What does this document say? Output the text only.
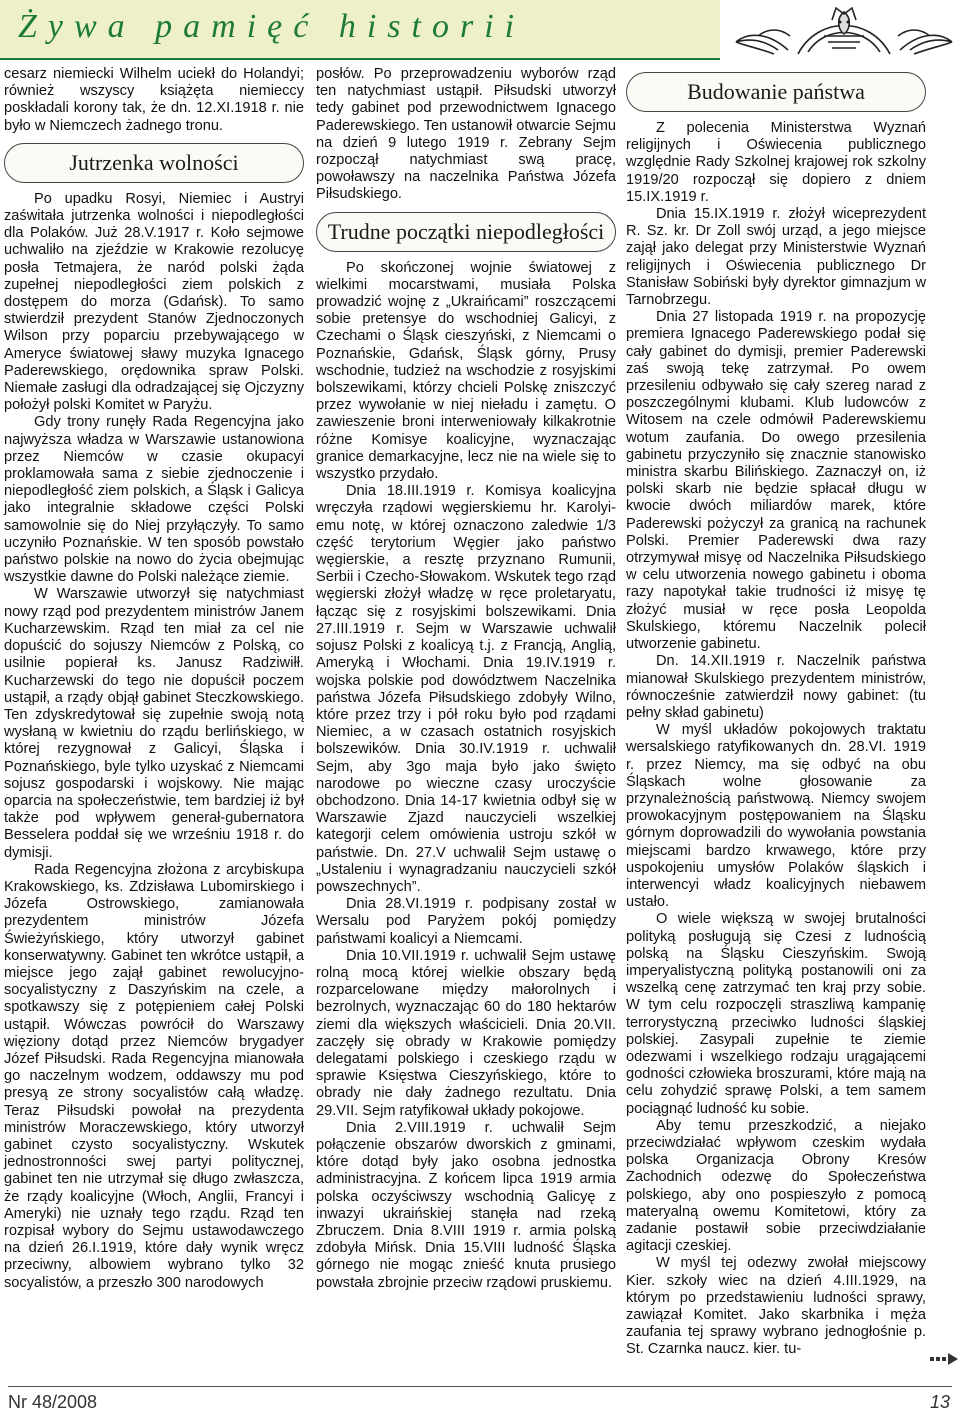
Żywa pamięć historii

cesarz niemiecki Wilhelm uciekł do Holandyi; również wszyscy książęta niemieccy poskładali korony tak, że dn. 12.XI.1918 r. nie było w Niemczech żadnego tronu.

Jutrzenka wolności

Po upadku Rosyi, Niemiec i Austryi zaświtała jutrzenka wolności i niepodległości dla Polaków. Już 28.V.1917 r. Koło sejmowe uchwaliło na zjeździe w Krakowie rezolucyę posła Tetmajera, że naród polski żąda zupełnej niepodległości ziem polskich z dostępem do morza (Gdańsk). To samo stwierdził prezydent Stanów Zjednoczonych Wilson przy poparciu przebywającego w Ameryce światowej sławy muzyka Ignacego Paderewskiego, orędownika spraw Polski. Niemałe zasługi dla odradzającej się Ojczyzny położył polski Komitet w Paryżu.

Gdy trony runęły Rada Regencyjna jako najwyższa władza w Warszawie ustanowiona przez Niemców w czasie okupacyi proklamowała sama z siebie zjednoczenie i niepodległość ziem polskich, a Śląsk i Galicya jako integralnie składowe części Polski samowolnie się do Niej przyłączyły. To samo uczyniło Poznańskie. W ten sposób powstało państwo polskie na nowo do życia obejmując wszystkie dawne do Polski należące ziemie.

W Warszawie utworzył się natychmiast nowy rząd pod prezydentem ministrów Janem Kucharzewskim. Rząd ten miał za cel nie dopuścić do sojuszy Niemców z Polską, co usilnie popierał ks. Janusz Radziwiłł. Kucharzewski do tego nie dopuścił poczem ustąpił, a rządy objął gabinet Steczkowskiego. Ten zdyskredytował się zupełnie swoją notą wysłaną w kwietniu do rządu berlińskiego, w której rezygnował z Galicyi, Śląska i Poznańskiego, byle tylko uzyskać z Niemcami sojusz gospodarski i wojskowy. Nie mając oparcia na społeczeństwie, tem bardziej iż był także pod wpływem generał-gubernatora Besselera poddał się we wrześniu 1918 r. do dymisji.

Rada Regencyjna złożona z arcybiskupa Krakowskiego, ks. Zdzisława Lubomirskiego i Józefa Ostrowskiego, zamianowała prezydentem ministrów Józefa Świeżyńskiego, który utworzył gabinet konserwatywny. Gabinet ten wkrótce ustąpił, a miejsce jego zajął gabinet rewolucyjno-socyalistyczny z Daszyńskim na czele, a spotkawszy się z potępieniem całej Polski ustąpił. Wówczas powrócił do Warszawy więziony dotąd przez Niemców brygadyer Józef Piłsudski. Rada Regencyjna mianowała go naczelnym wodzem, oddawszy mu pod presyą ze strony socyalistów całą władzę. Teraz Piłsudski powołał na prezydenta ministrów Moraczewskiego, który utworzył gabinet czysto socyalistyczny. Wskutek jednostronności swej partyi politycznej, gabinet ten nie utrzymał się długo zwłaszcza, że rządy koalicyjne (Włoch, Anglii, Francyi i Ameryki) nie uznały tego rządu. Rząd ten rozpisał wybory do Sejmu ustawodawczego na dzień 26.I.1919, które dały wynik wręcz przeciwny, albowiem wybrano tylko 32 socyalistów, a przeszło 300 narodowych

posłów. Po przeprowadzeniu wyborów rząd ten natychmiast ustąpił. Piłsudski utworzył tedy gabinet pod przewodnictwem Ignacego Paderewskiego. Ten ustanowił otwarcie Sejmu na dzień 9 lutego 1919 r. Zebrany Sejm rozpoczął natychmiast swą pracę, powoławszy na naczelnika Państwa Józefa Piłsudskiego.

Trudne początki niepodległości

Po skończonej wojnie światowej z wielkimi mocarstwami, musiała Polska prowadzić wojnę z „Ukraińcami” roszczącemi sobie pretensye do wschodniej Galicyi, z Czechami o Śląsk cieszyński, z Niemcami o Poznańskie, Gdańsk, Śląsk górny, Prusy wschodnie, tudzież na wschodzie z rosyjskimi bolszewikami, którzy chcieli Polskę zniszczyć przez wywołanie w niej nieładu i zamętu. O zawieszenie broni interweniowały kilkakrotnie różne Komisye koalicyjne, wyznaczając granice demarkacyjne, lecz nie na wiele się to wszystko przydało.

Dnia 18.III.1919 r. Komisya koalicyjna wręczyła rządowi węgierskiemu hr. Karolyi-emu notę, w której oznaczono zaledwie 1/3 część terytorium Węgier jako państwo węgierskie, a resztę przyznano Rumunii, Serbii i Czecho-Słowakom. Wskutek tego rząd węgierski złożył władzę w ręce proletaryatu, łącząc się z rosyjskimi bolszewikami. Dnia 27.III.1919 r. Sejm w Warszawie uchwalił sojusz Polski z koalicyą t.j. z Francją, Anglią, Ameryką i Włochami. Dnia 19.IV.1919 r. wojska polskie pod dowództwem Naczelnika państwa Józefa Piłsudskiego zdobyły Wilno, które przez trzy i pół roku było pod rządami Niemiec, a w czasach ostatnich rosyjskich bolszewików. Dnia 30.IV.1919 r. uchwalił Sejm, aby 3go maja było jako święto narodowe po wieczne czasy uroczyście obchodzono. Dnia 14-17 kwietnia odbył się w Warszawie Zjazd nauczycieli wszelkiej kategorji celem omówienia ustroju szkół w państwie. Dn. 27.V uchwalił Sejm ustawę o „Ustaleniu i wynagradzaniu nauczycieli szkół powszechnych”.

Dnia 28.VI.1919 r. podpisany został w Wersalu pod Paryżem pokój pomiędzy państwami koalicyi a Niemcami.

Dnia 10.VII.1919 r. uchwalił Sejm ustawę rolną mocą której wielkie obszary będą rozparcelowane między małorolnych i bezrolnych, wyznaczając 60 do 180 hektarów ziemi dla większych właścicieli. Dnia 20.VII. zaczęły się obrady w Krakowie pomiędzy delegatami polskiego i czeskiego rządu w sprawie Księstwa Cieszyńskiego, które to obrady nie dały żadnego rezultatu. Dnia 29.VII. Sejm ratyfikował układy pokojowe.

Dnia 2.VIII.1919 r. uchwalił Sejm połączenie obszarów dworskich z gminami, które dotąd były jako osobna jednostka administracyjna. Z końcem lipca 1919 armia polska oczyściwszy wschodnią Galicyę z inwazyi ukraińskiej stanęła nad rzeką Zbruczem. Dnia 8.VIII 1919 r. armia polską zdobyła Mińsk. Dnia 15.VIII ludność Śląska górnego nie mogąc znieść knuta prusiego powstała zbrojnie przeciw rządowi pruskiemu.

Budowanie państwa

Z polecenia Ministerstwa Wyznań religijnych i Oświecenia publicznego względnie Rady Szkolnej krajowej rok szkolny 1919/20 rozpoczął się dopiero z dniem 15.IX.1919 r.

Dnia 15.IX.1919 r. złożył wiceprezydent R. Sz. kr. Dr Zoll swój urząd, a jego miejsce zajął jako delegat przy Ministerstwie Wyznań religijnych i Oświecenia publicznego Dr Stanisław Sobiński były dyrektor gimnazjum w Tarnobrzegu.

Dnia 27 listopada 1919 r. na propozycję premiera Ignacego Paderewskiego podał się cały gabinet do dymisji, premier Paderewski zaś swoją tekę zatrzymał. Po owem przesileniu odbywało się cały szereg narad z poszczególnymi klubami. Klub ludowców z Witosem na czele odmówił Paderewskiemu wotum zaufania. Do owego przesilenia gabinetu przyczyniło się znacznie stanowisko ministra skarbu Bilińskiego. Zaznaczył on, iż polski skarb nie będzie spłacał długu w kwocie dwóch miliardów marek, które Paderewski pożyczył za granicą na rachunek Polski. Premier Paderewski dwa razy otrzymywał misyę od Naczelnika Piłsudskiego w celu utworzenia nowego gabinetu i oboma razy napotykał takie trudności iż misyę tę złożyć musiał w ręce posła Leopolda Skulskiego, któremu Naczelnik polecił utworzenie gabinetu.

Dn. 14.XII.1919 r. Naczelnik państwa mianował Skulskiego prezydentem ministrów, równocześnie zatwierdził nowy gabinet: (tu pełny skład gabinetu)

W myśl układów pokojowych traktatu wersalskiego ratyfikowanych dn. 28.VI. 1919 r. przez Niemcy, ma się odbyć na obu Śląskach wolne głosowanie za przynależnością państwową. Niemcy swojem prowokacyjnym postępowaniem na Śląsku górnym doprowadzili do wywołania powstania miejscami bardzo krwawego, które przy uspokojeniu umysłów Polaków śląskich i interwencyi władz koalicyjnych niebawem ustało.

O wiele większą w swojej brutalności polityką posługują się Czesi z ludnością polską na Śląsku Cieszyńskim. Swoją imperyalistyczną polityką postanowili oni za wszelką cenę zatrzymać ten kraj przy sobie. W tym celu rozpoczęli straszliwą kampanię terrorystyczną przeciwko ludności śląskiej polskiej. Zasypali zupełnie te ziemie odezwami i wszelkiego rodzaju urągającemi godności człowieka broszurami, które mają na celu zohydzić sprawę Polski, a tem samem pociągnąć ludność ku sobie.

Aby temu przeszkodzić, a niejako przeciwdziałać wpływom czeskim wydała polska Organizacja Obrony Kresów Zachodnich odezwę do Społeczeństwa polskiego, aby ono pospieszyło z pomocą materyalną owemu Komitetowi, który za zadanie postawił sobie przeciwdziałanie agitacji czeskiej.

W myśl tej odezwy zwołał miejscowy Kier. szkoły wiec na dzień 4.III.1929, na którym po przedstawieniu ludności sprawy, zawiązał Komitet. Jako skarbnika i męża zaufania tej sprawy wybrano jednogłośnie p. St. Czarnka naucz. kier. tu-

Nr 48/2008	13
